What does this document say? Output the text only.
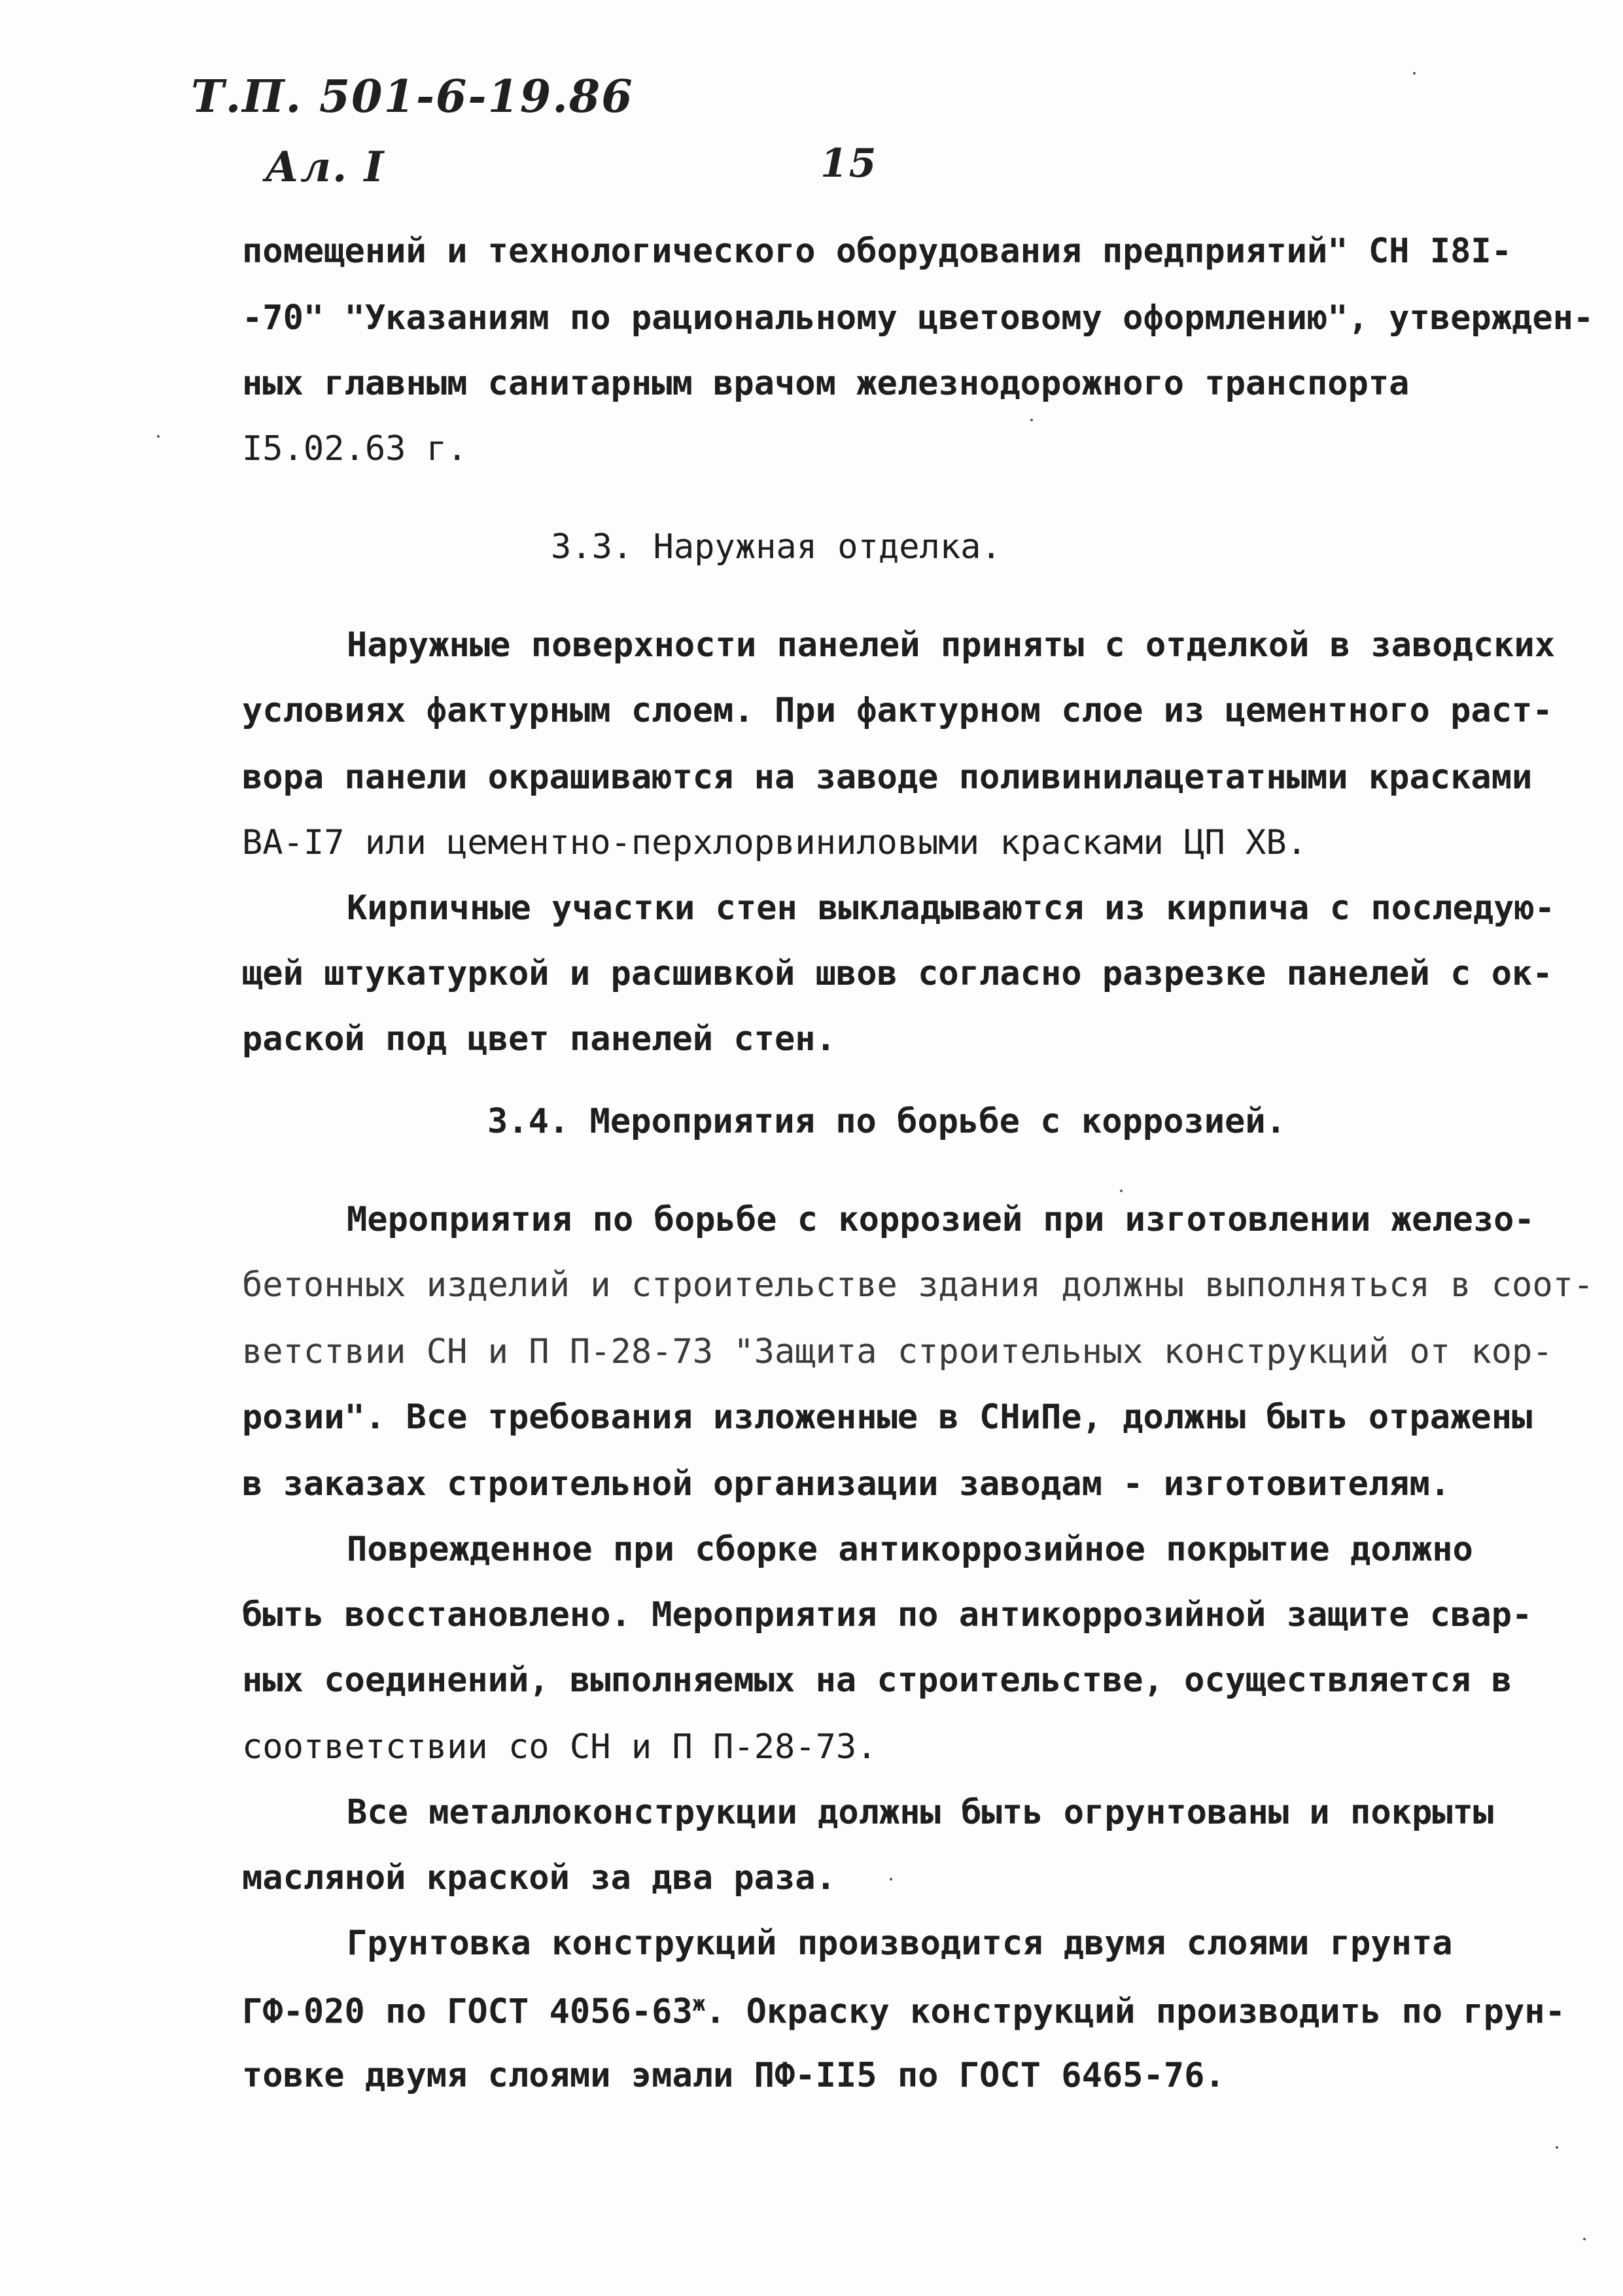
Т.П. 501-6-19.86
Ал. I	15
помещений и технологического оборудования предприятий" СН I8I-
-70" "Указаниям по рациональному цветовому оформлению", утвержден-
ных главным санитарным врачом железнодорожного транспорта
I5.02.63 г.
3.3. Наружная отделка.
Наружные поверхности панелей приняты с отделкой в заводских
условиях фактурным слоем. При фактурном слое из цементного раст-
вора панели окрашиваются на заводе поливинилацетатными красками
ВА-I7 или цементно-перхлорвиниловыми красками ЦП ХВ.
Кирпичные участки стен выкладываются из кирпича с последую-
щей штукатуркой и расшивкой швов согласно разрезке панелей с ок-
раской под цвет панелей стен.
3.4. Мероприятия по борьбе с коррозией.
Мероприятия по борьбе с коррозией при изготовлении железо-
бетонных изделий и строительстве здания должны выполняться в соот-
ветствии СН и П П-28-73 "Защита строительных конструкций от кор-
розии". Все требования изложенные в СНиПе, должны быть отражены
в заказах строительной организации заводам - изготовителям.
Поврежденное при сборке антикоррозийное покрытие должно
быть восстановлено. Мероприятия по антикоррозийной защите свар-
ных соединений, выполняемых на строительстве, осуществляется в
соответствии со СН и П П-28-73.
Все металлоконструкции должны быть огрунтованы и покрыты
масляной краской за два раза.
Грунтовка конструкций производится двумя слоями грунта
ГФ-020 по ГОСТ $4056-63^ж$. Окраску конструкций производить по грун-
товке двумя слоями эмали ПФ-II5 по ГОСТ 6465-76.
